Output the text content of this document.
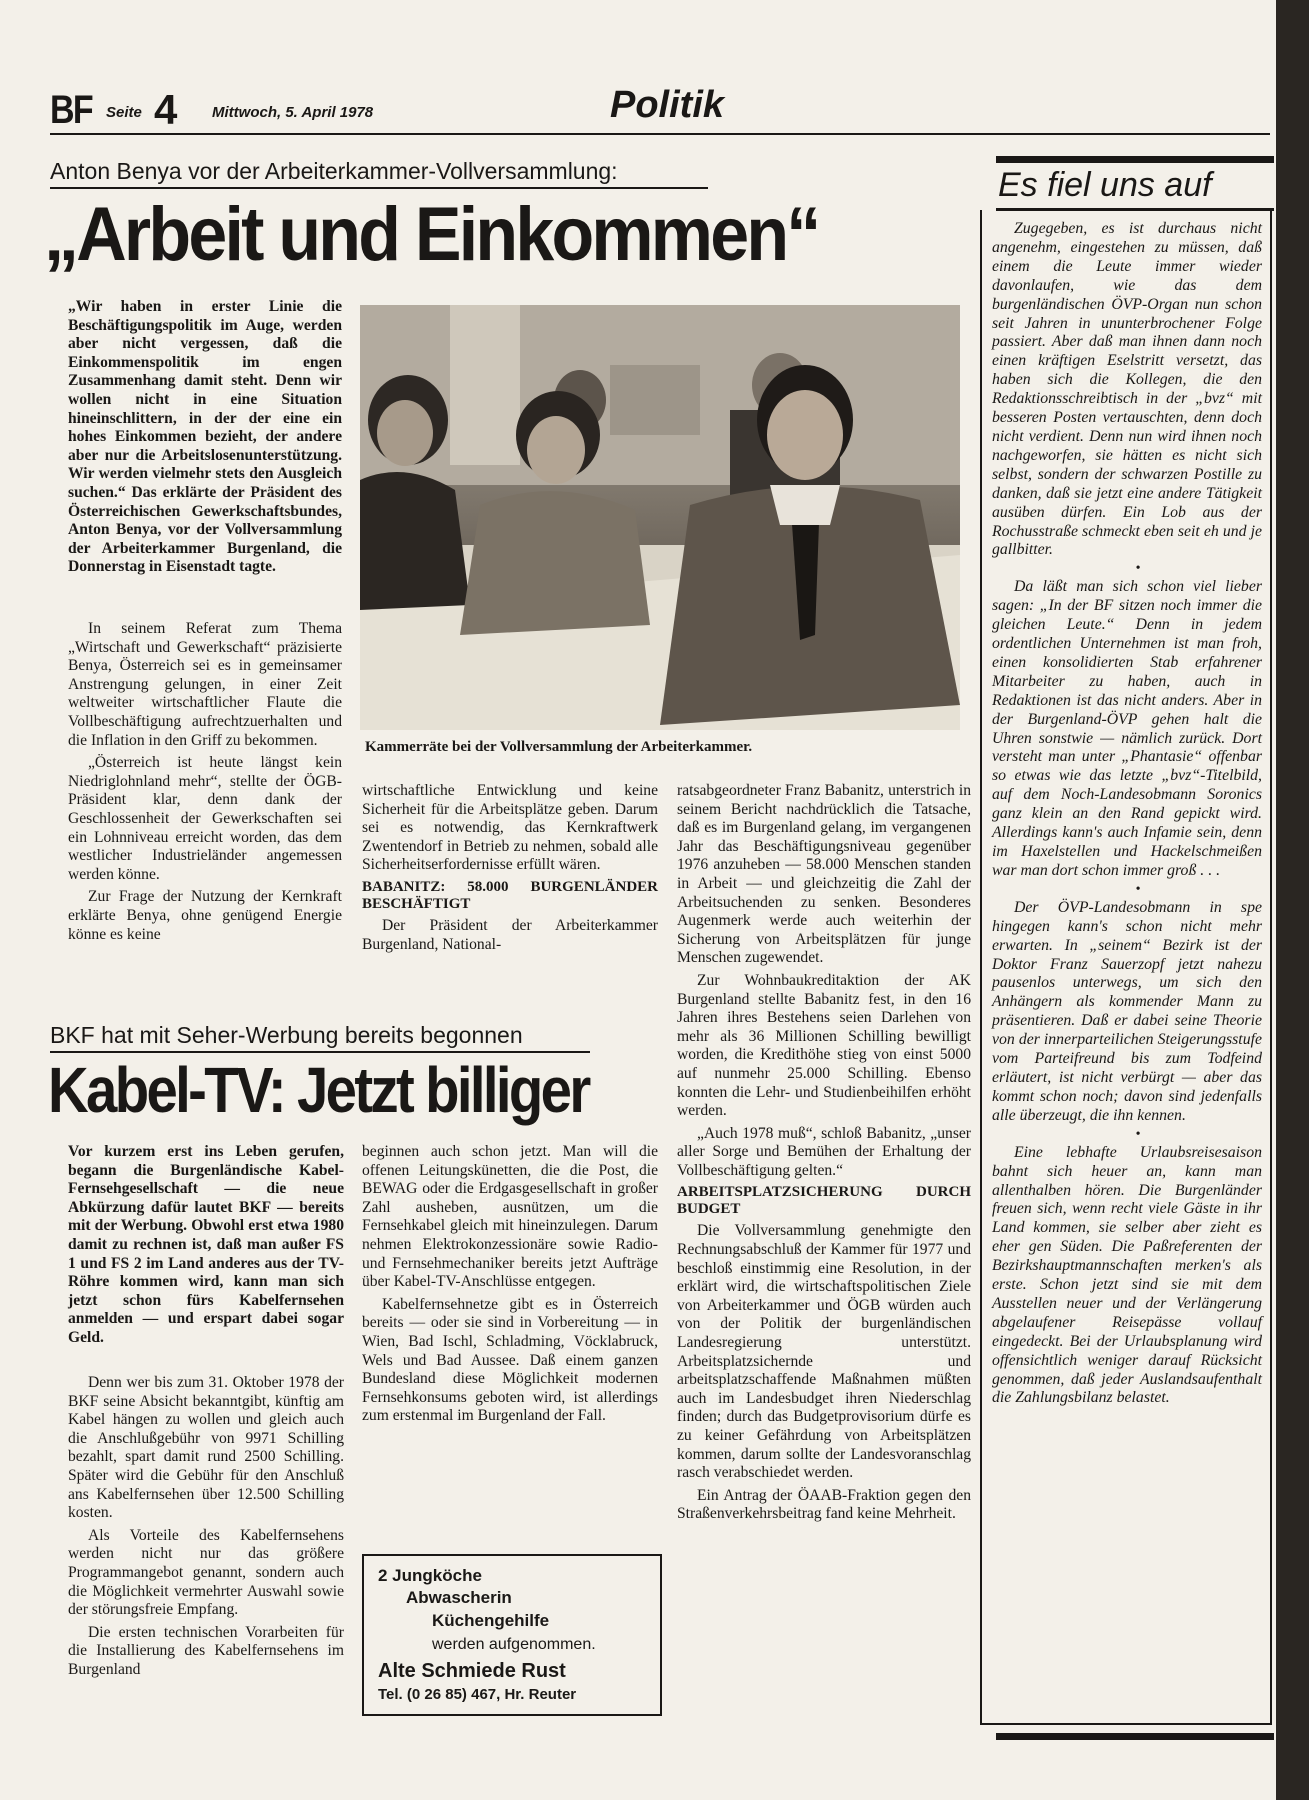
BF Seite 4 Mittwoch, 5. April 1978	Politik
Anton Benya vor der Arbeiterkammer-Vollversammlung:
„Arbeit und Einkommen“

„Wir haben in erster Linie die Beschäftigungspolitik im Auge, werden aber nicht vergessen, daß die Einkommenspolitik im engen Zusammenhang damit steht. Denn wir wollen nicht in eine Situation hineinschlittern, in der der eine ein hohes Einkommen bezieht, der andere aber nur die Arbeitslosenunterstützung. Wir werden vielmehr stets den Ausgleich suchen.“ Das erklärte der Präsident des Österreichischen Gewerkschaftsbundes, Anton Benya, vor der Vollversammlung der Arbeiterkammer Burgenland, die Donnerstag in Eisenstadt tagte.

In seinem Referat zum Thema „Wirtschaft und Gewerkschaft“ präzisierte Benya, Österreich sei es in gemeinsamer Anstrengung gelungen, in einer Zeit weltweiter wirtschaftlicher Flaute die Vollbeschäftigung aufrechtzuerhalten und die Inflation in den Griff zu bekommen.

„Österreich ist heute längst kein Niedriglohnland mehr“, stellte der ÖGB-Präsident klar, denn dank der Geschlossenheit der Gewerkschaften sei ein Lohnniveau erreicht worden, das dem westlicher Industrieländer angemessen werden könne.

Zur Frage der Nutzung der Kernkraft erklärte Benya, ohne genügend Energie könne es keine

Kammerräte bei der Vollversammlung der Arbeiterkammer.

wirtschaftliche Entwicklung und keine Sicherheit für die Arbeitsplätze geben. Darum sei es notwendig, das Kernkraftwerk Zwentendorf in Betrieb zu nehmen, sobald alle Sicherheitserfordernisse erfüllt wären.

BABANITZ: 58.000 BURGENLÄNDER BESCHÄFTIGT

Der Präsident der Arbeiterkammer Burgenland, National-

ratsabgeordneter Franz Babanitz, unterstrich in seinem Bericht nachdrücklich die Tatsache, daß es im Burgenland gelang, im vergangenen Jahr das Beschäftigungsniveau gegenüber 1976 anzuheben — 58.000 Menschen standen in Arbeit — und gleichzeitig die Zahl der Arbeitsuchenden zu senken. Besonderes Augenmerk werde auch weiterhin der Sicherung von Arbeitsplätzen für junge Menschen zugewendet.

Zur Wohnbaukreditaktion der AK Burgenland stellte Babanitz fest, in den 16 Jahren ihres Bestehens seien Darlehen von mehr als 36 Millionen Schilling bewilligt worden, die Kredithöhe stieg von einst 5000 auf nunmehr 25.000 Schilling. Ebenso konnten die Lehr- und Studienbeihilfen erhöht werden.

„Auch 1978 muß“, schloß Babanitz, „unser aller Sorge und Bemühen der Erhaltung der Vollbeschäftigung gelten.“

ARBEITSPLATZSICHERUNG DURCH BUDGET

Die Vollversammlung genehmigte den Rechnungsabschluß der Kammer für 1977 und beschloß einstimmig eine Resolution, in der erklärt wird, die wirtschaftspolitischen Ziele von Arbeiterkammer und ÖGB würden auch von der Politik der burgenländischen Landesregierung unterstützt. Arbeitsplatzsichernde und arbeitsplatzschaffende Maßnahmen müßten auch im Landesbudget ihren Niederschlag finden; durch das Budgetprovisorium dürfe es zu keiner Gefährdung von Arbeitsplätzen kommen, darum sollte der Landesvoranschlag rasch verabschiedet werden.

Ein Antrag der ÖAAB-Fraktion gegen den Straßenverkehrsbeitrag fand keine Mehrheit.

BKF hat mit Seher-Werbung bereits begonnen
Kabel-TV: Jetzt billiger

Vor kurzem erst ins Leben gerufen, begann die Burgenländische Kabel-Fernsehgesellschaft — die neue Abkürzung dafür lautet BKF — bereits mit der Werbung. Obwohl erst etwa 1980 damit zu rechnen ist, daß man außer FS 1 und FS 2 im Land anderes aus der TV-Röhre kommen wird, kann man sich jetzt schon fürs Kabelfernsehen anmelden — und erspart dabei sogar Geld.

Denn wer bis zum 31. Oktober 1978 der BKF seine Absicht bekanntgibt, künftig am Kabel hängen zu wollen und gleich auch die Anschlußgebühr von 9971 Schilling bezahlt, spart damit rund 2500 Schilling. Später wird die Gebühr für den Anschluß ans Kabelfernsehen über 12.500 Schilling kosten.

Als Vorteile des Kabelfernsehens werden nicht nur das größere Programmangebot genannt, sondern auch die Möglichkeit vermehrter Auswahl sowie der störungsfreie Empfang.

Die ersten technischen Vorarbeiten für die Installierung des Kabelfernsehens im Burgenland

beginnen auch schon jetzt. Man will die offenen Leitungskünetten, die die Post, die BEWAG oder die Erdgasgesellschaft in großer Zahl ausheben, ausnützen, um die Fernsehkabel gleich mit hineinzulegen. Darum nehmen Elektrokonzessionäre sowie Radio- und Fernsehmechaniker bereits jetzt Aufträge über Kabel-TV-Anschlüsse entgegen.

Kabelfernsehnetze gibt es in Österreich bereits — oder sie sind in Vorbereitung — in Wien, Bad Ischl, Schladming, Vöcklabruck, Wels und Bad Aussee. Daß einem ganzen Bundesland diese Möglichkeit modernen Fernsehkonsums geboten wird, ist allerdings zum erstenmal im Burgenland der Fall.

2 Jungköche
Abwascherin
Küchengehilfe
werden aufgenommen.
Alte Schmiede Rust
Tel. (0 26 85) 467, Hr. Reuter
Es fiel uns auf

Zugegeben, es ist durchaus nicht angenehm, eingestehen zu müssen, daß einem die Leute immer wieder davonlaufen, wie das dem burgenländischen ÖVP-Organ nun schon seit Jahren in ununterbrochener Folge passiert. Aber daß man ihnen dann noch einen kräftigen Eselstritt versetzt, das haben sich die Kollegen, die den Redaktionsschreibtisch in der „bvz“ mit besseren Posten vertauschten, denn doch nicht verdient. Denn nun wird ihnen noch nachgeworfen, sie hätten es nicht sich selbst, sondern der schwarzen Postille zu danken, daß sie jetzt eine andere Tätigkeit ausüben dürfen. Ein Lob aus der Rochusstraße schmeckt eben seit eh und je gallbitter.

•

Da läßt man sich schon viel lieber sagen: „In der BF sitzen noch immer die gleichen Leute.“ Denn in jedem ordentlichen Unternehmen ist man froh, einen konsolidierten Stab erfahrener Mitarbeiter zu haben, auch in Redaktionen ist das nicht anders. Aber in der Burgenland-ÖVP gehen halt die Uhren sonstwie — nämlich zurück. Dort versteht man unter „Phantasie“ offenbar so etwas wie das letzte „bvz“-Titelbild, auf dem Noch-Landesobmann Soronics ganz klein an den Rand gepickt wird. Allerdings kann's auch Infamie sein, denn im Haxelstellen und Hackelschmeißen war man dort schon immer groß . . .

•

Der ÖVP-Landesobmann in spe hingegen kann's schon nicht mehr erwarten. In „seinem“ Bezirk ist der Doktor Franz Sauerzopf jetzt nahezu pausenlos unterwegs, um sich den Anhängern als kommender Mann zu präsentieren. Daß er dabei seine Theorie von der innerparteilichen Steigerungsstufe vom Parteifreund bis zum Todfeind erläutert, ist nicht verbürgt — aber das kommt schon noch; davon sind jedenfalls alle überzeugt, die ihn kennen.

•

Eine lebhafte Urlaubsreisesaison bahnt sich heuer an, kann man allenthalben hören. Die Burgenländer freuen sich, wenn recht viele Gäste in ihr Land kommen, sie selber aber zieht es eher gen Süden. Die Paßreferenten der Bezirkshauptmannschaften merken's als erste. Schon jetzt sind sie mit dem Ausstellen neuer und der Verlängerung abgelaufener Reisepässe vollauf eingedeckt. Bei der Urlaubsplanung wird offensichtlich weniger darauf Rücksicht genommen, daß jeder Auslandsaufenthalt die Zahlungsbilanz belastet.
